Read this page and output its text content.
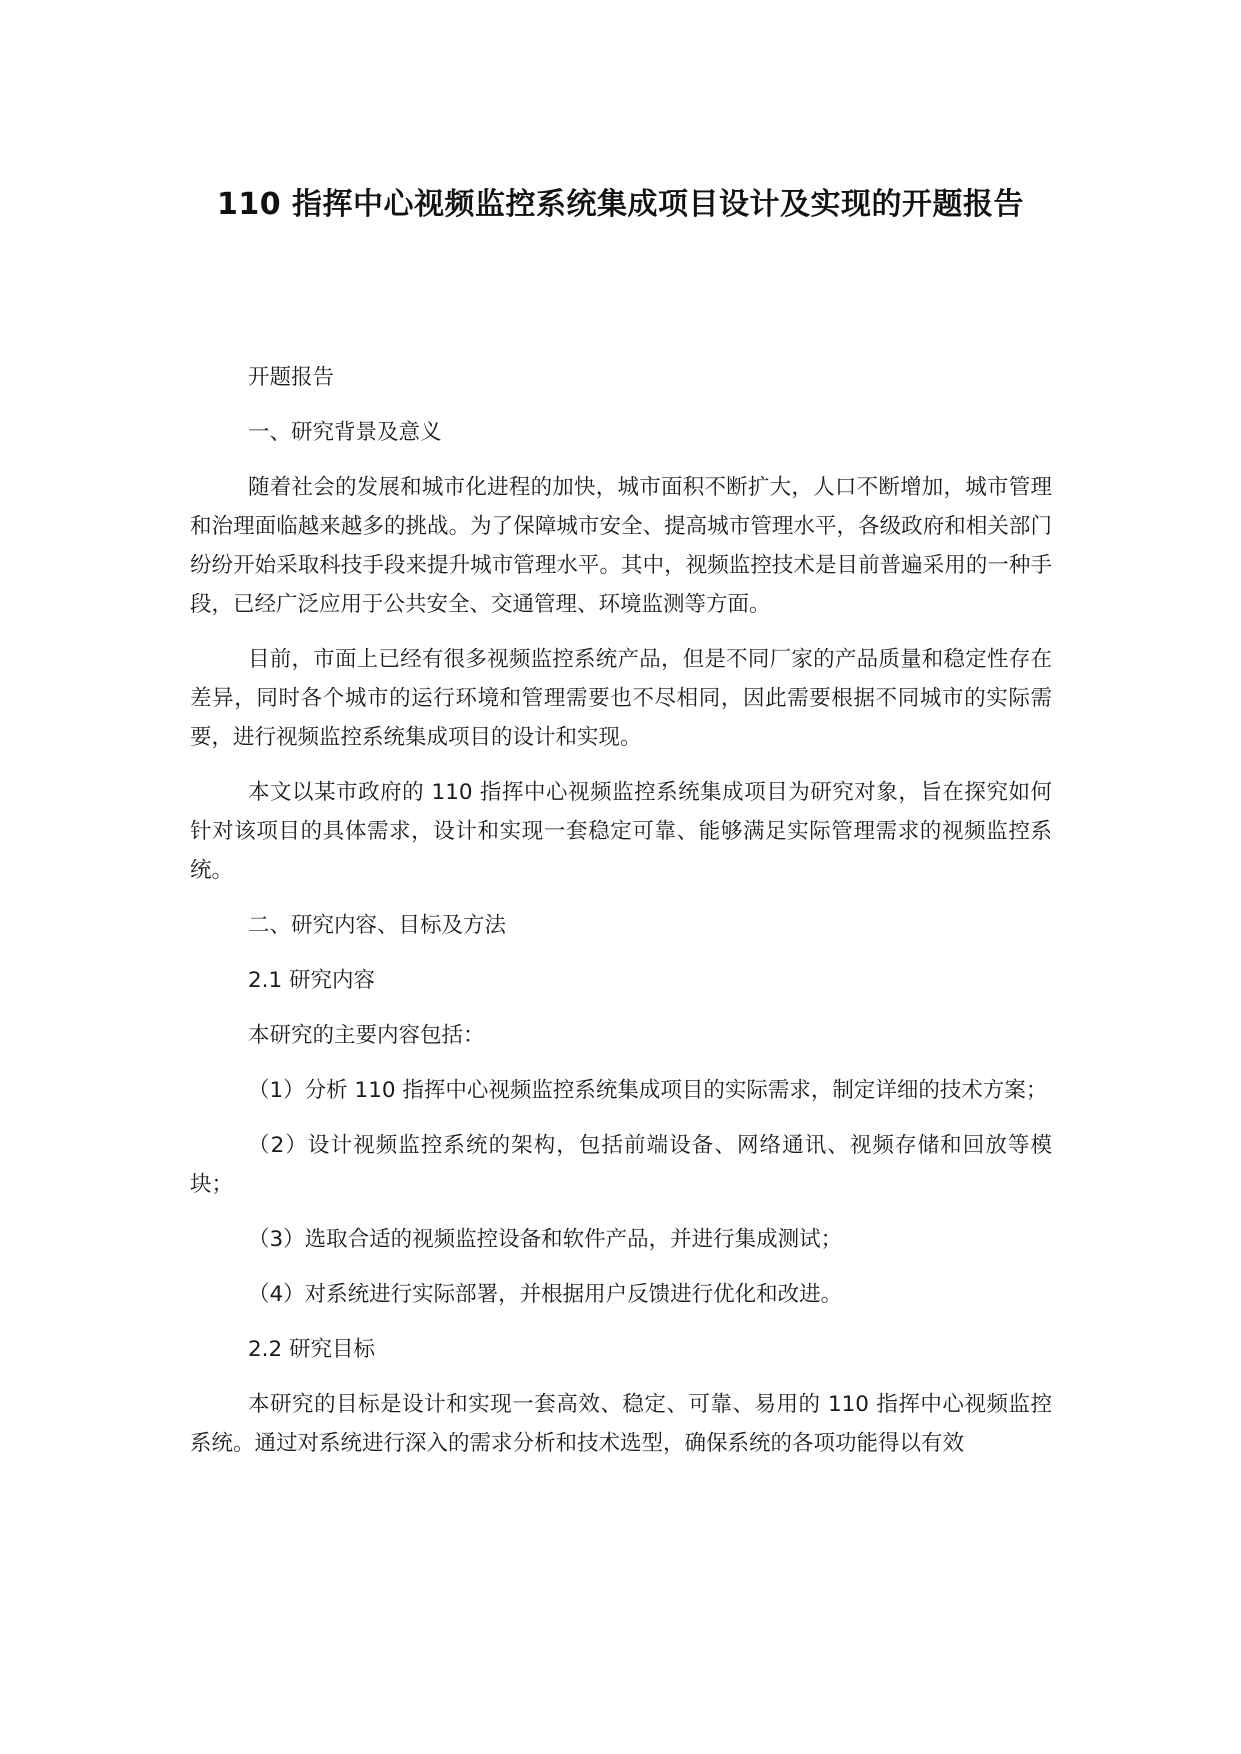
110 指挥中心视频监控系统集成项目设计及实现的开题报告

开题报告

一、研究背景及意义

随着社会的发展和城市化进程的加快，城市面积不断扩大，人口不断增加，城市管理和治理面临越来越多的挑战。为了保障城市安全、提高城市管理水平，各级政府和相关部门纷纷开始采取科技手段来提升城市管理水平。其中，视频监控技术是目前普遍采用的一种手段，已经广泛应用于公共安全、交通管理、环境监测等方面。

目前，市面上已经有很多视频监控系统产品，但是不同厂家的产品质量和稳定性存在差异，同时各个城市的运行环境和管理需要也不尽相同，因此需要根据不同城市的实际需要，进行视频监控系统集成项目的设计和实现。

本文以某市政府的 110 指挥中心视频监控系统集成项目为研究对象，旨在探究如何针对该项目的具体需求，设计和实现一套稳定可靠、能够满足实际管理需求的视频监控系统。

二、研究内容、目标及方法

2.1 研究内容

本研究的主要内容包括：

（1）分析 110 指挥中心视频监控系统集成项目的实际需求，制定详细的技术方案；

（2）设计视频监控系统的架构，包括前端设备、网络通讯、视频存储和回放等模块；

（3）选取合适的视频监控设备和软件产品，并进行集成测试；

（4）对系统进行实际部署，并根据用户反馈进行优化和改进。

2.2 研究目标

本研究的目标是设计和实现一套高效、稳定、可靠、易用的 110 指挥中心视频监控系统。通过对系统进行深入的需求分析和技术选型，确保系统的各项功能得以有效
